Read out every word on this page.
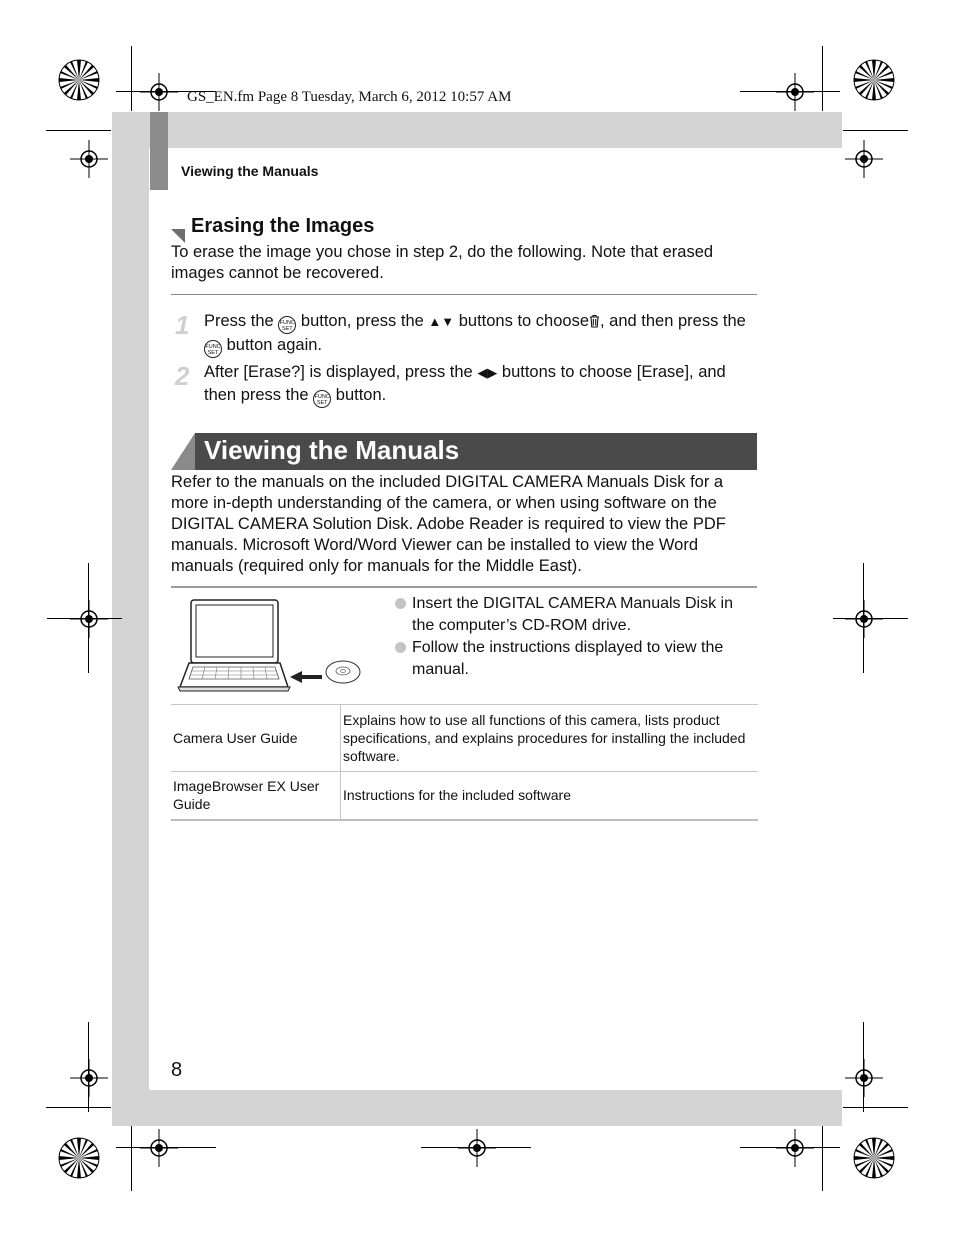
GS_EN.fm Page 8 Tuesday, March 6, 2012 10:57 AM
Viewing the Manuals
Erasing the Images
To erase the image you chose in step 2, do the following. Note that erased images cannot be recovered.
1 Press the FUNC
SET button, press the ▲▼ buttons to choose , and then press the FUNC
SET button again.
2 After [Erase?] is displayed, press the ◀▶ buttons to choose [Erase], and then press the FUNC
SET button.
Viewing the Manuals
Refer to the manuals on the included DIGITAL CAMERA Manuals Disk for a more in-depth understanding of the camera, or when using software on the DIGITAL CAMERA Solution Disk. Adobe Reader is required to view the PDF manuals. Microsoft Word/Word Viewer can be installed to view the Word manuals (required only for manuals for the Middle East).
Insert the DIGITAL CAMERA Manuals Disk in the computer’s CD-ROM drive.
Follow the instructions displayed to view the manual.
Camera User Guide	Explains how to use all functions of this camera, lists product specifications, and explains procedures for installing the included software.
ImageBrowser EX User Guide	Instructions for the included software
8
